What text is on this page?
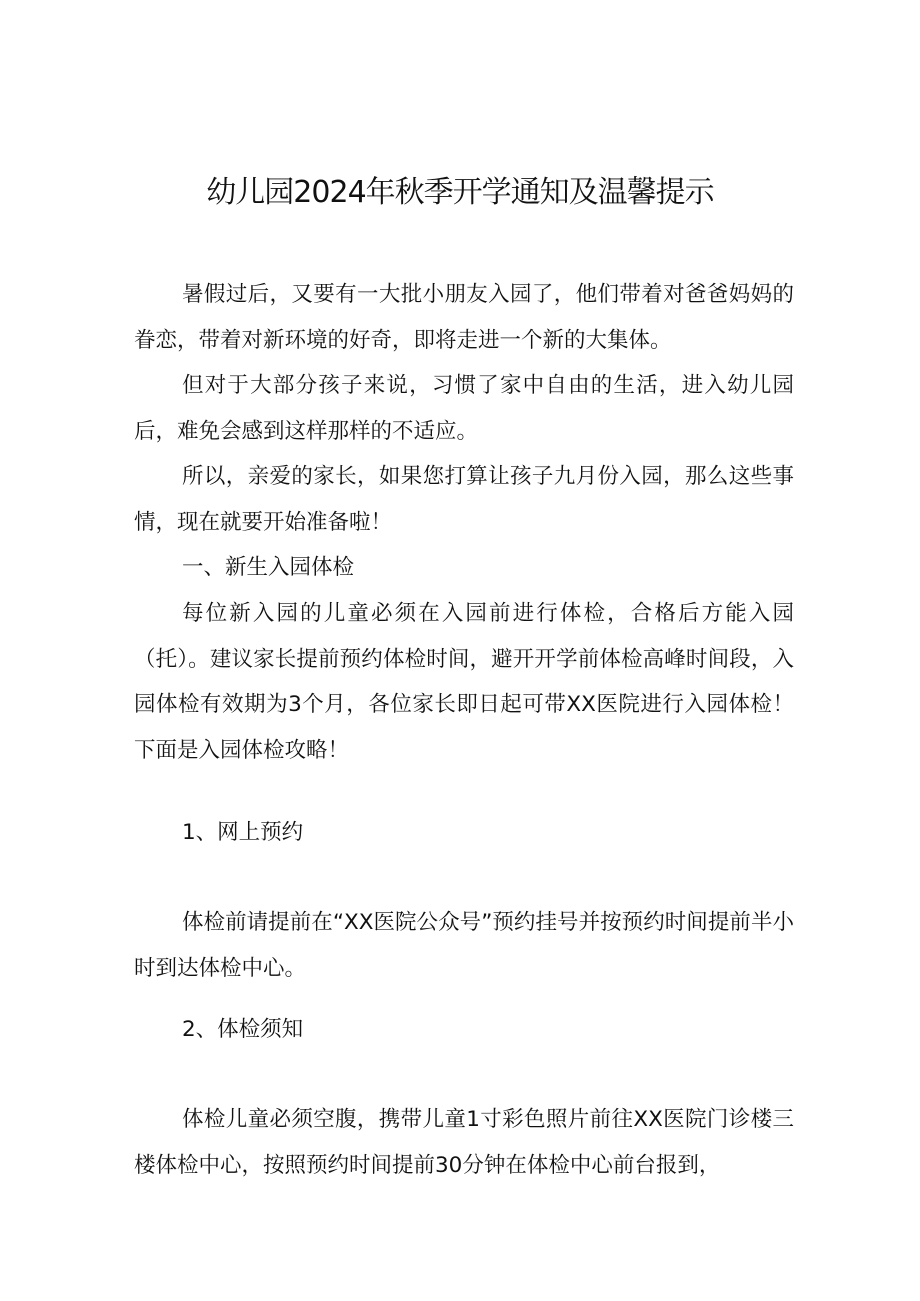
幼儿园2024年秋季开学通知及温馨提示

暑假过后，又要有一大批小朋友入园了，他们带着对爸爸妈妈的眷恋，带着对新环境的好奇，即将走进一个新的大集体。

但对于大部分孩子来说，习惯了家中自由的生活，进入幼儿园后，难免会感到这样那样的不适应。

所以，亲爱的家长，如果您打算让孩子九月份入园，那么这些事情，现在就要开始准备啦！

一、新生入园体检

每位新入园的儿童必须在入园前进行体检，合格后方能入园（托）。建议家长提前预约体检时间，避开开学前体检高峰时间段，入园体检有效期为3个月，各位家长即日起可带XX医院进行入园体检！下面是入园体检攻略！

1、网上预约

体检前请提前在“XX医院公众号”预约挂号并按预约时间提前半小时到达体检中心。

2、体检须知

体检儿童必须空腹，携带儿童1寸彩色照片前往XX医院门诊楼三楼体检中心，按照预约时间提前30分钟在体检中心前台报到，
